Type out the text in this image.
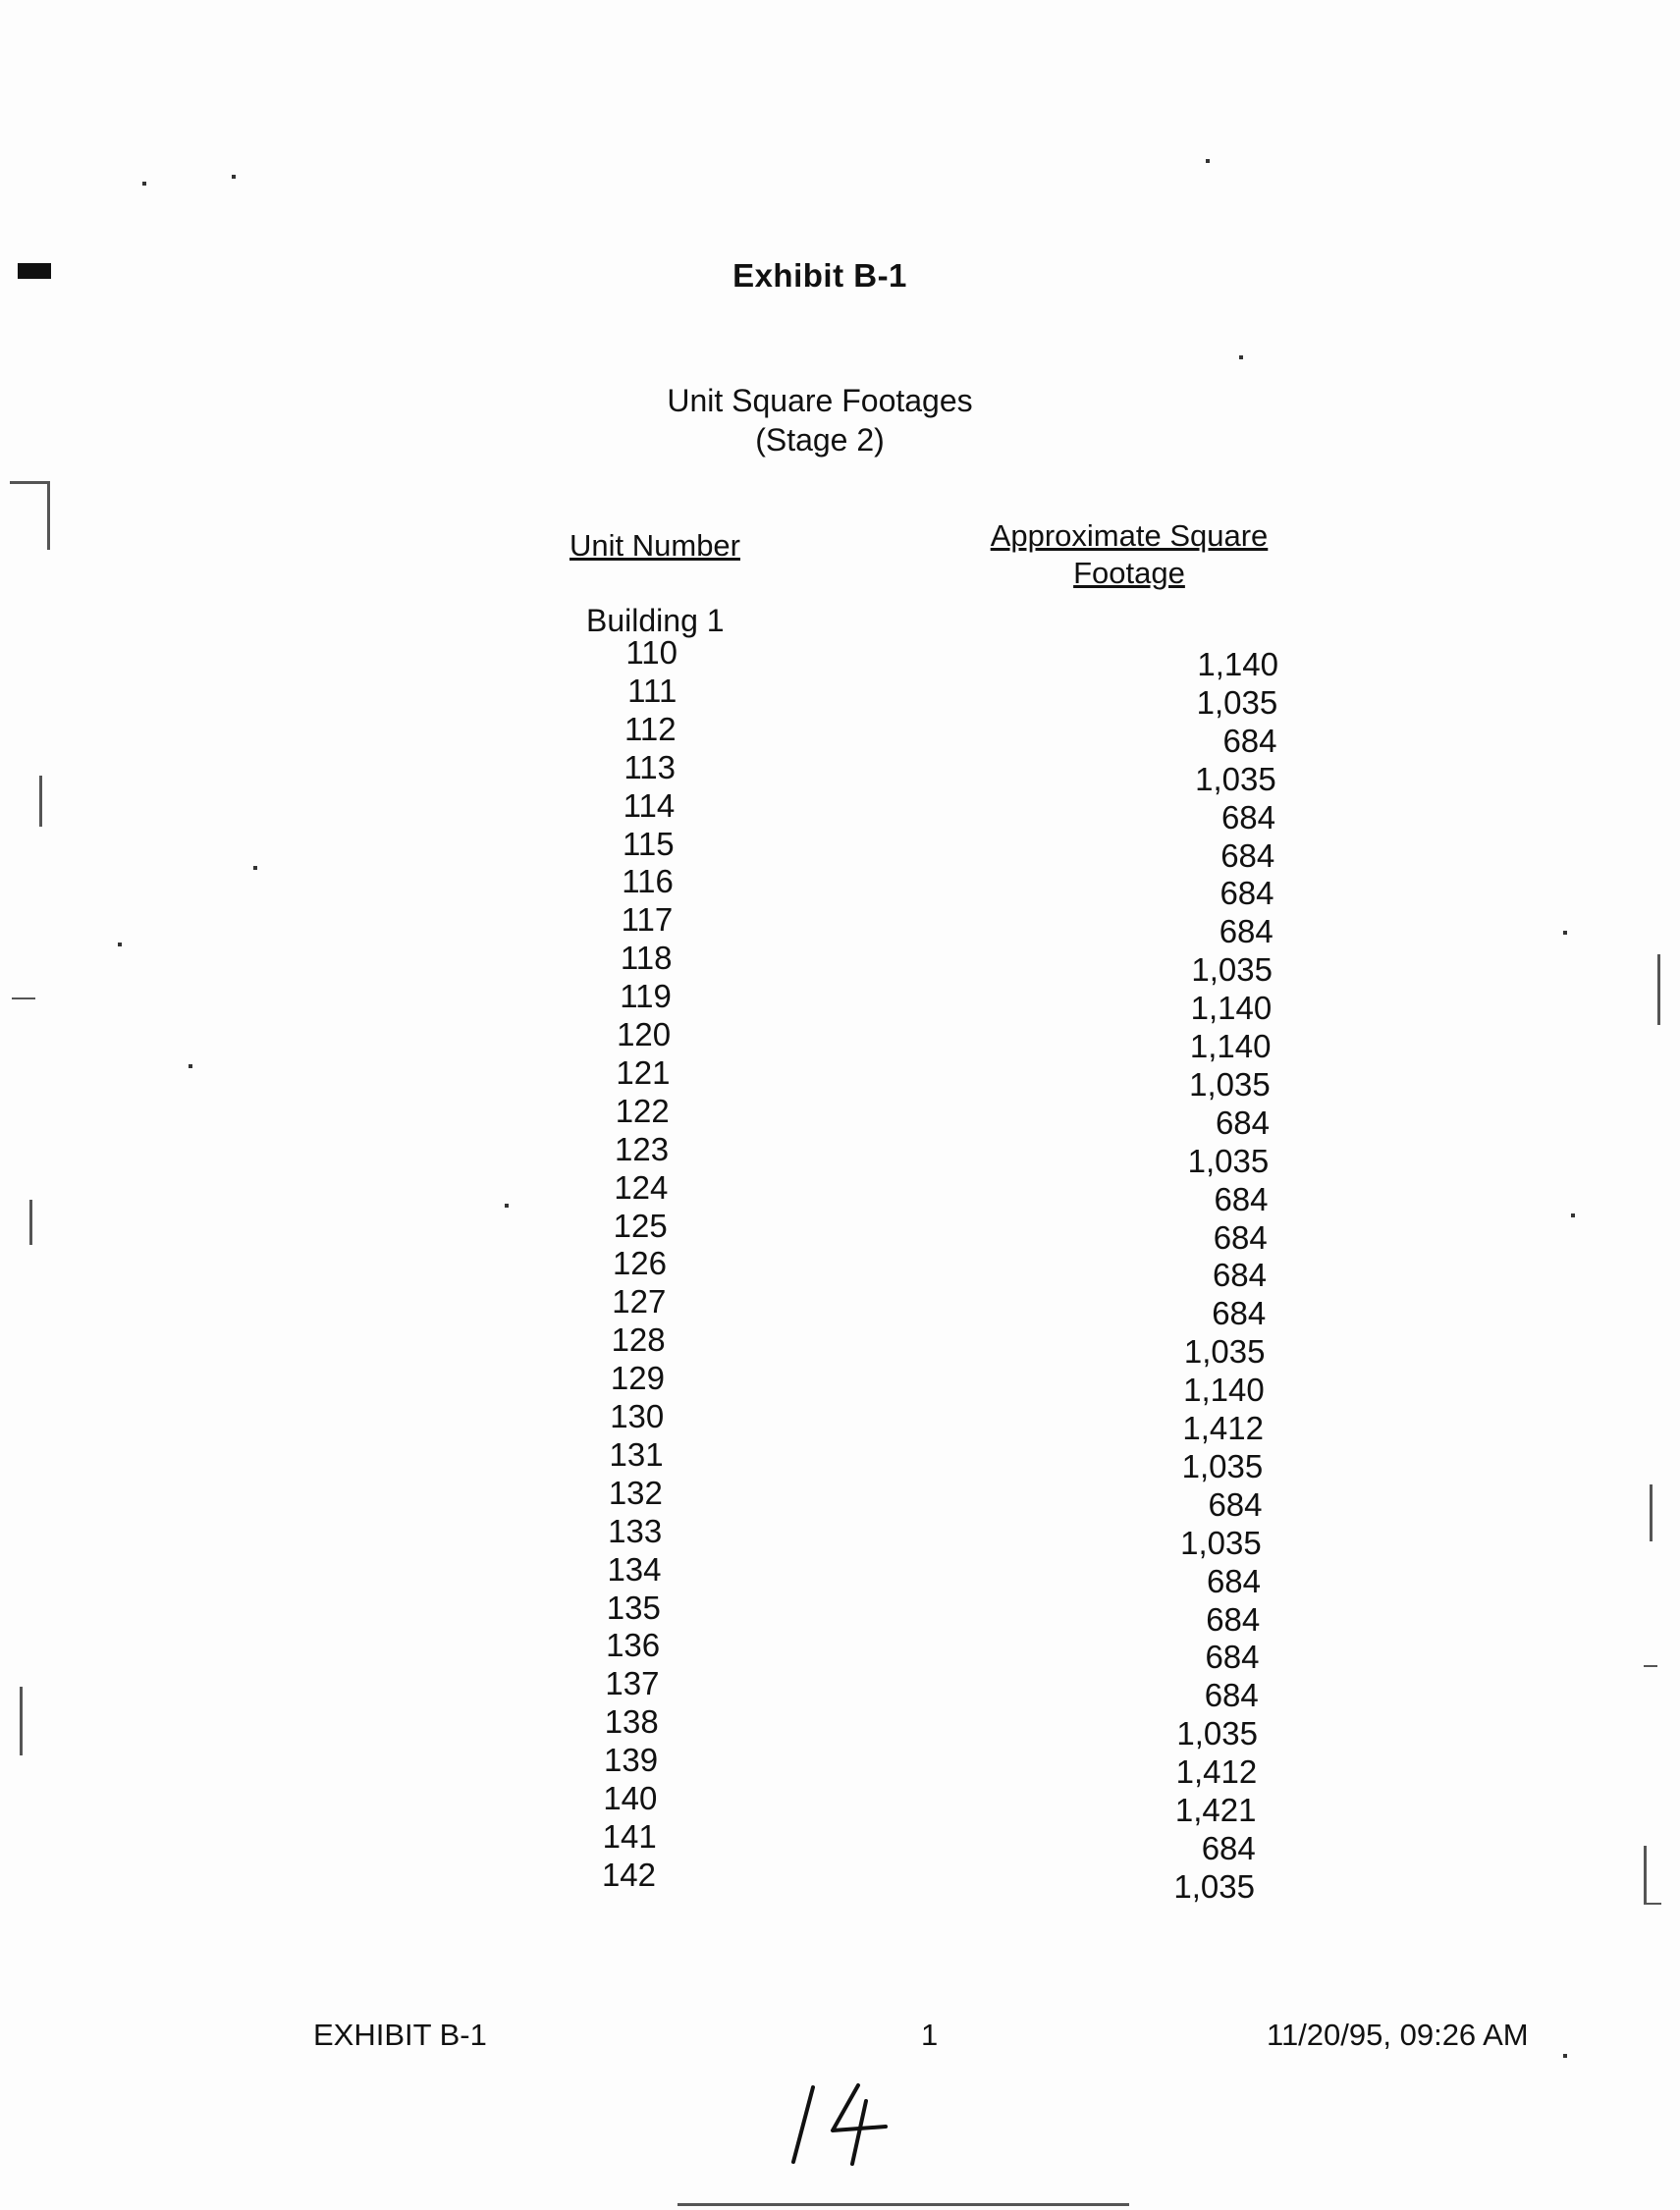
Exhibit B-1
Unit Square Footages
(Stage 2)
Unit Number	Approximate Square
Footage
Building 1
110	1,140
111	1,035
112	684
113	1,035
114	684
115	684
116	684
117	684
118	1,035
119	1,140
120	1,140
121	1,035
122	684
123	1,035
124	684
125	684
126	684
127	684
128	1,035
129	1,140
130	1,412
131	1,035
132	684
133	1,035
134	684
135	684
136	684
137	684
138	1,035
139	1,412
140	1,421
141	684
142	1,035
EXHIBIT B-1	1	11/20/95, 09:26 AM
